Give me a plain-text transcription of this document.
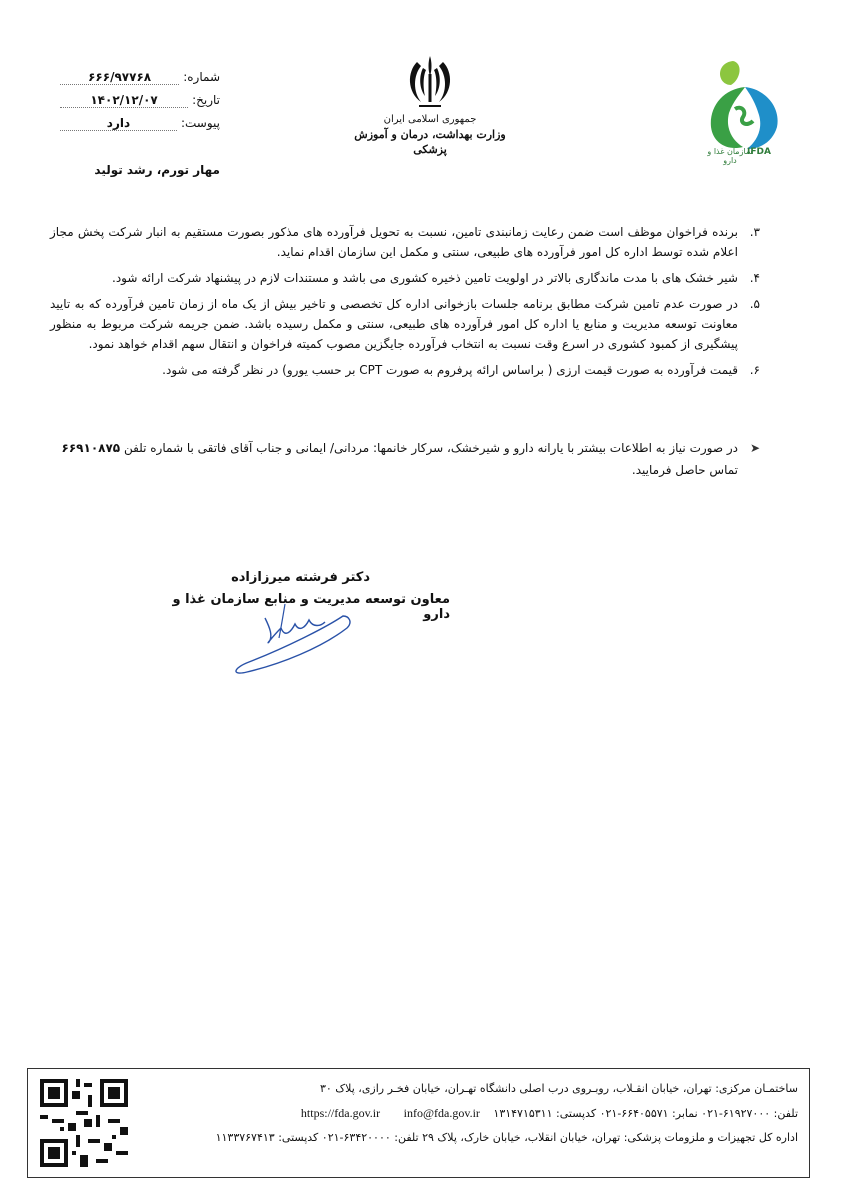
شماره:
۶۶۶/۹۷۷۶۸
تاریخ:
۱۴۰۲/۱۲/۰۷
پیوست:
دارد
مهار تورم، رشد تولید
جمهوری اسلامی ایران
وزارت بهداشت، درمان و آموزش پزشکی	سازمان غذا و دارو
IFDA
۳.
برنده فراخوان موظف است ضمن رعایت زمانبندی تامین، نسبت به تحویل فرآورده های مذکور بصورت مستقیم به انبار شرکت پخش مجاز اعلام شده توسط اداره کل امور فرآورده های طبیعی، سنتی و مکمل این سازمان اقدام نماید.
۴.
شیر خشک های با مدت ماندگاری بالاتر در اولویت تامین ذخیره کشوری می باشد و مستندات لازم در پیشنهاد شرکت ارائه شود.
۵.
در صورت عدم تامین شرکت مطابق برنامه جلسات بازخوانی اداره کل تخصصی و تاخیر بیش از یک ماه از زمان تامین فرآورده که به تایید معاونت توسعه مدیریت و منابع یا اداره کل امور فرآورده های طبیعی، سنتی و مکمل رسیده باشد. ضمن جریمه شرکت مربوط به منظور پیشگیری از کمبود کشوری در اسرع وقت نسبت به انتخاب فرآورده جایگزین مصوب کمیته فراخوان و انتقال سهم اقدام خواهد نمود.
۶.
قیمت فرآورده به صورت قیمت ارزی ( براساس ارائه پرفروم به صورت CPT بر حسب یورو) در نظر گرفته می شود.
➤
در صورت نیاز به اطلاعات بیشتر با یارانه دارو و شیرخشک، سرکار خانمها: مردانی/ ایمانی و جناب آقای فاتقی با شماره تلفن ۶۶۹۱۰۸۷۵
تماس حاصل فرمایید.
دکتر فرشته میرزازاده
معاون توسعه مدیریت و منابع سازمان غذا و دارو
ساختمـان مرکزی: تهران، خیابان انقـلاب، روبـروی درب اصلی دانشگاه تهـران، خیابان فخـر رازی، پلاک ۳۰
تلفن: ۶۱۹۲۷۰۰۰-۰۲۱ نمابر: ۶۶۴۰۵۵۷۱-۰۲۱ کدپستی: ۱۳۱۴۷۱۵۳۱۱ info@fda.gov.ir https://fda.gov.ir
اداره کل تجهیزات و ملزومات پزشکی: تهران، خیابان انقلاب، خیابان خارک، پلاک ۲۹ تلفن: ۶۳۴۲۰۰۰۰-۰۲۱ کدپستی: ۱۱۳۳۷۶۷۴۱۳
